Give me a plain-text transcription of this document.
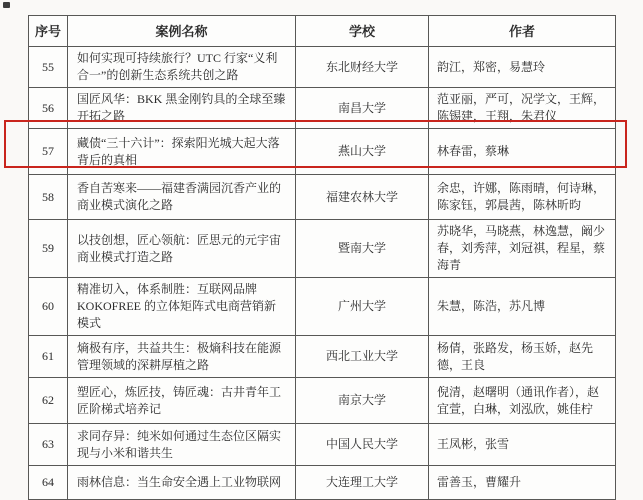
序号	案例名称	学校	作者
55	如何实现可持续旅行？UTC 行家“义利合一”的创新生态系统共创之路	东北财经大学	韵江，郑密，易慧玲
56	国匠风华：BKK 黑金刚钓具的全球至臻开拓之路	南昌大学	范亚丽，严可，况学文，王辉，陈锡建，王翔，朱君仪
57	藏债“三十六计”：探索阳光城大起大落背后的真相	燕山大学	林春雷，蔡琳
58	香自苦寒来——福建香满园沉香产业的商业模式演化之路	福建农林大学	余忠，许娜，陈雨晴，何诗琳，陈家钰，郭晨茜，陈林昕昀
59	以技创想，匠心领航：匠思元的元宇宙商业模式打造之路	暨南大学	苏晓华，马晓燕，林逸慧，阚少春，刘秀萍，刘冠祺，程星，蔡海青
60	精准切入，体系制胜：互联网品牌 KOKOFREE 的立体矩阵式电商营销新模式	广州大学	朱慧，陈浩，苏凡博
61	熵极有序，共益共生：极熵科技在能源管理领域的深耕厚植之路	西北工业大学	杨倩，张路发，杨玉娇，赵先德，王良
62	塑匠心，炼匠技，铸匠魂：古井青年工匠阶梯式培养记	南京大学	倪清，赵曙明（通讯作者），赵宜萱，白琳，刘泓欣，姚佳柠
63	求同存异：纯米如何通过生态位区隔实现与小米和谐共生	中国人民大学	王凤彬，张雪
64	雨林信息：当生命安全遇上工业物联网	大连理工大学	雷善玉，曹耀升
